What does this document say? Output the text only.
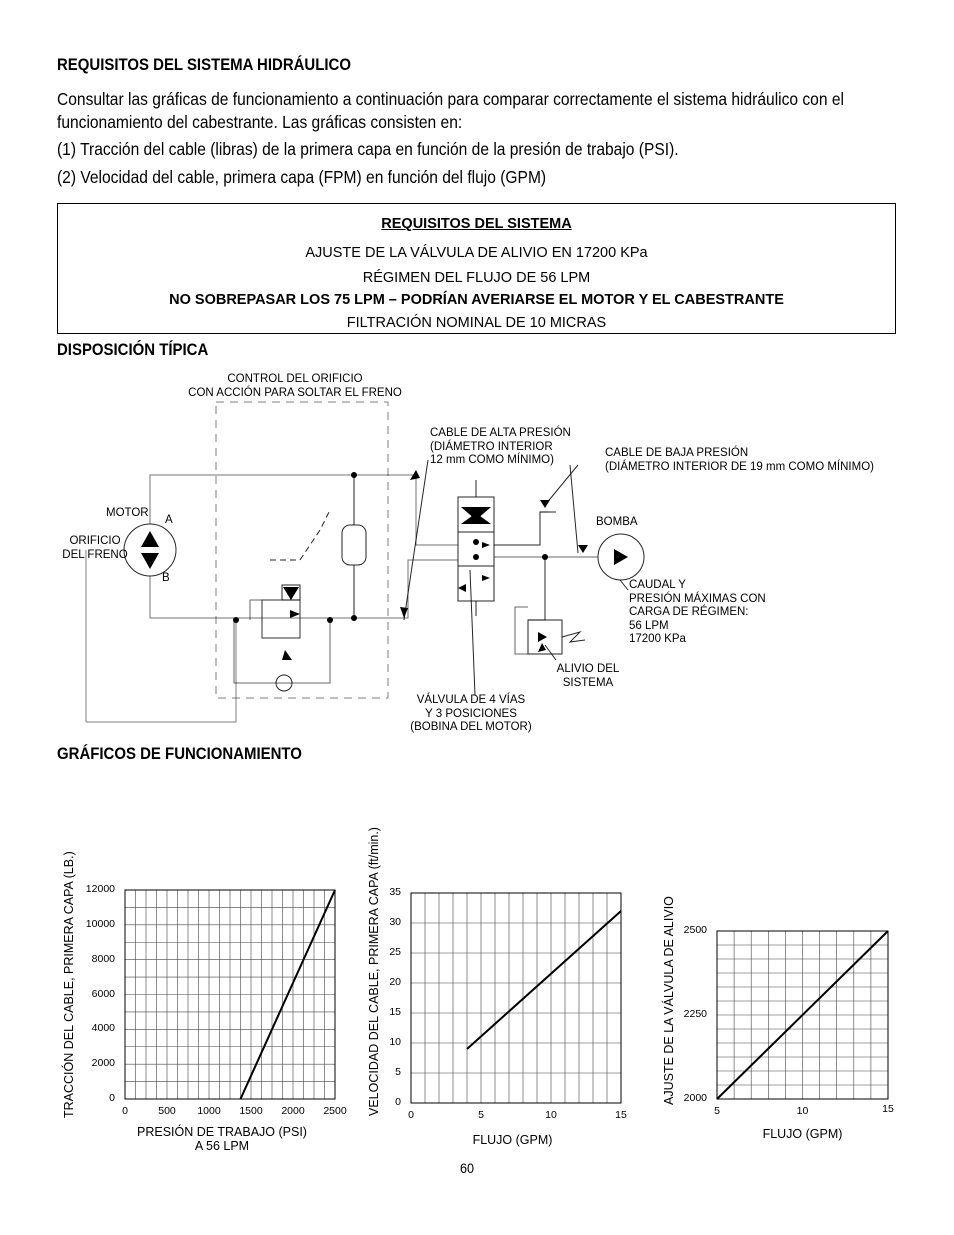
REQUISITOS DEL SISTEMA HIDRÁULICO
Consultar las gráficas de funcionamiento a continuación para comparar correctamente el sistema hidráulico con el
funcionamiento del cabestrante. Las gráficas consisten en:
(1) Tracción del cable (libras) de la primera capa en función de la presión de trabajo (PSI).
(2) Velocidad del cable, primera capa (FPM) en función del flujo (GPM)
REQUISITOS DEL SISTEMA
AJUSTE DE LA VÁLVULA DE ALIVIO EN 17200 KPa
RÉGIMEN DEL FLUJO DE 56 LPM
NO SOBREPASAR LOS 75 LPM – PODRÍAN AVERIARSE EL MOTOR Y EL CABESTRANTE
FILTRACIÓN NOMINAL DE 10 MICRAS
DISPOSICIÓN TÍPICA
CONTROL DEL ORIFICIO
CON ACCIÓN PARA SOLTAR EL FRENO
CABLE DE ALTA PRESIÓN
(DIÁMETRO INTERIOR
12 mm COMO MÍNIMO)
CABLE DE BAJA PRESIÓN
(DIÁMETRO INTERIOR DE 19 mm COMO MÍNIMO)
MOTOR
A
B
ORIFICIO
DEL FRENO
BOMBA
CAUDAL Y
PRESIÓN MÁXIMAS CON
CARGA DE RÉGIMEN:
56 LPM
17200 KPa
ALIVIO DEL
SISTEMA
VÁLVULA DE 4 VÍAS
Y 3 POSICIONES
(BOBINA DEL MOTOR)
GRÁFICOS DE FUNCIONAMIENTO
TRACCIÓN DEL CABLE, PRIMERA CAPA (LB.)	0	500	1000 1500 2000 2500
0
2000
4000
6000
8000
10000
12000
PRESIÓN DE TRABAJO (PSI)
A 56 LPM
VELOCIDAD DEL CABLE, PRIMERA CAPA (ft/min.)	0	5	10	15
0
5
10
15
20
25
30
35
FLUJO (GPM)
AJUSTE DE LA VÁLVULA DE ALIVIO
5	10	15
2000
2250
2500
FLUJO (GPM)
60
